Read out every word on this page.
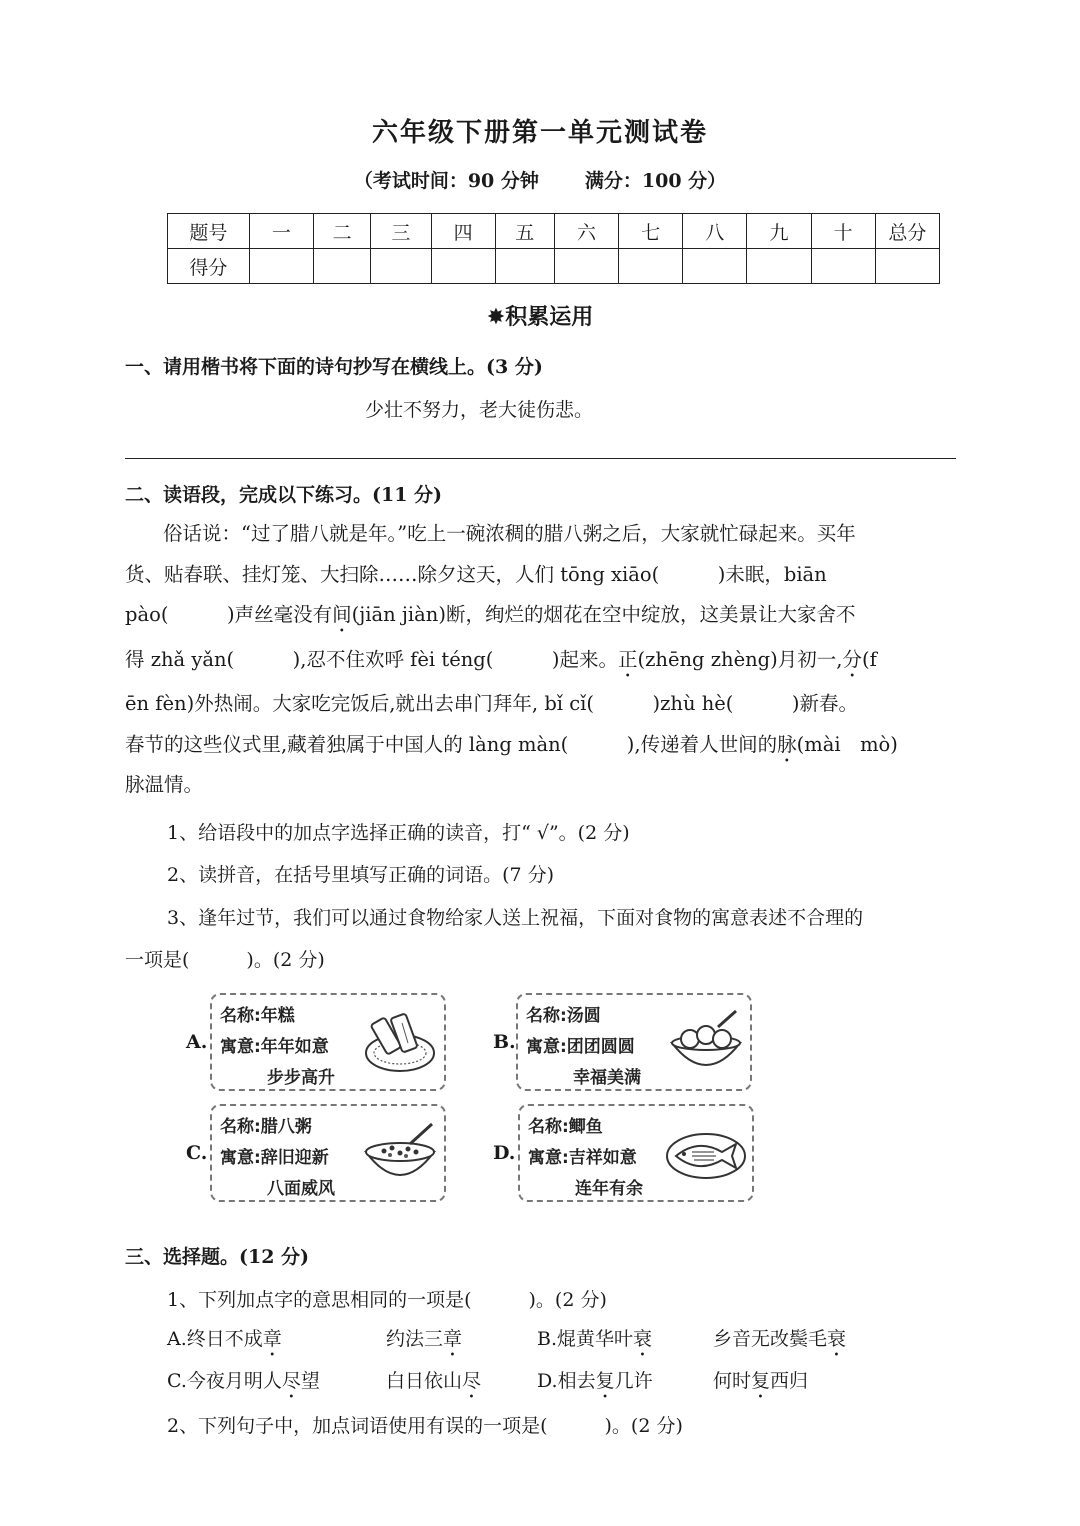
六年级下册第一单元测试卷
（考试时间：90 分钟 满分：100 分）
题号	一	二	三	四	五	六	七	八	九	十	总分
得分											
✸积累运用
一、请用楷书将下面的诗句抄写在横线上。(3 分)
少壮不努力，老大徒伤悲。
二、读语段，完成以下练习。(11 分)
俗话说：“过了腊八就是年。”吃上一碗浓稠的腊八粥之后，大家就忙碌起来。买年
货、贴春联、挂灯笼、大扫除……除夕这天，人们 tōng xiāo(　　　)未眠，biān
pào(　　　)声丝毫没有间(jiān jiàn)断，绚烂的烟花在空中绽放，这美景让大家舍不
得 zhǎ yǎn(　　　),忍不住欢呼 fèi téng(　　　)起来。正(zhēng zhèng)月初一,分(f
ēn fèn)外热闹。大家吃完饭后,就出去串门拜年, bǐ cǐ(　　　)zhù hè(　　　)新春。
春节的这些仪式里,藏着独属于中国人的 làng màn(　　　),传递着人世间的脉(mài　mò)
脉温情。
1、给语段中的加点字选择正确的读音，打“ √”。(2 分)
2、读拼音，在括号里填写正确的词语。(7 分)
3、逢年过节，我们可以通过食物给家人送上祝福，下面对食物的寓意表述不合理的
一项是(　　　)。(2 分)
A.
名称:年糕
寓意:年年如意
步步高升
B.
名称:汤圆
寓意:团团圆圆
幸福美满
C.
名称:腊八粥
寓意:辞旧迎新
八面威风
D.
名称:鲫鱼
寓意:吉祥如意
连年有余
三、选择题。(12 分)
1、下列加点字的意思相同的一项是(　　　)。(2 分)
A.终日不成章	约法三章	B.焜黄华叶衰	乡音无改鬓毛衰
C.今夜月明人尽望	白日依山尽	D.相去复几许	何时复西归
2、下列句子中，加点词语使用有误的一项是(　　　)。(2 分)
